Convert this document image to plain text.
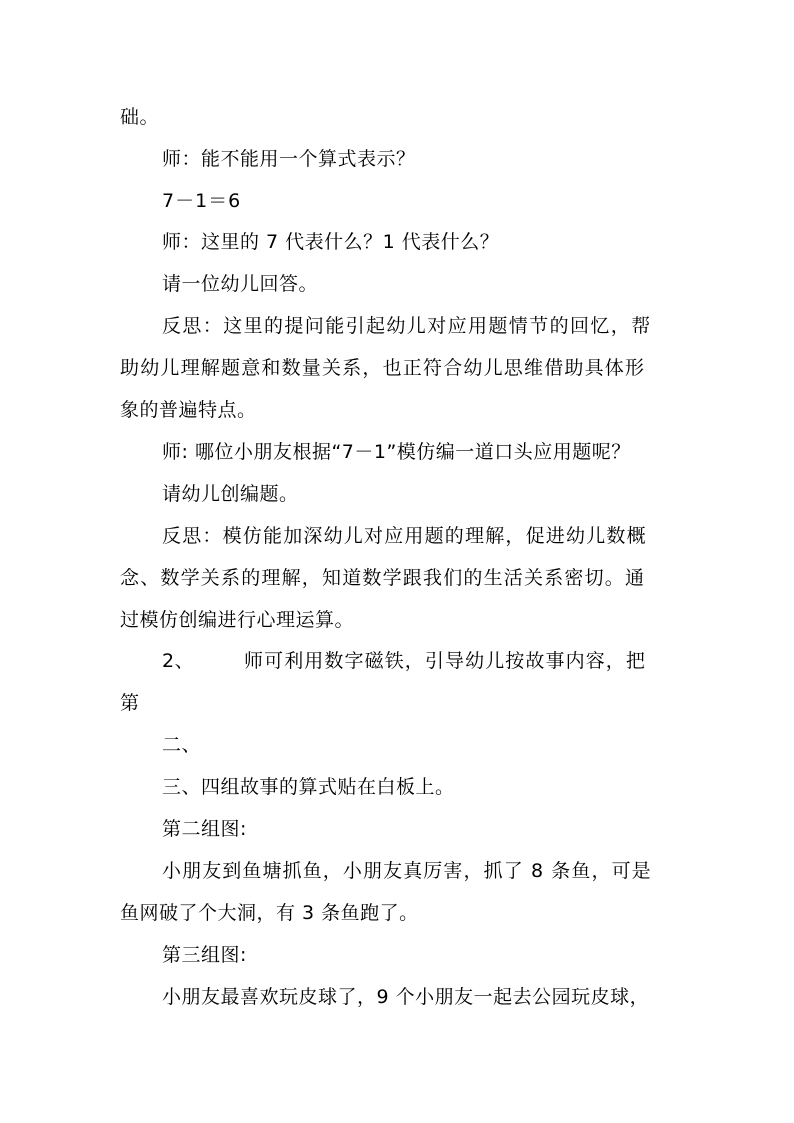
础。
师：能不能用一个算式表示？
7－1＝6
师：这里的 7 代表什么？1 代表什么？
请一位幼儿回答。
反思：这里的提问能引起幼儿对应用题情节的回忆，帮
助幼儿理解题意和数量关系，也正符合幼儿思维借助具体形
象的普遍特点。
师: 哪位小朋友根据“7－1”模仿编一道口头应用题呢？
请幼儿创编题。
反思：模仿能加深幼儿对应用题的理解，促进幼儿数概
念、数学关系的理解，知道数学跟我们的生活关系密切。通
过模仿创编进行心理运算。
2、	师可利用数字磁铁，引导幼儿按故事内容，把
第
二、
三、四组故事的算式贴在白板上。
第二组图:
小朋友到鱼塘抓鱼，小朋友真厉害，抓了 8 条鱼，可是
鱼网破了个大洞，有 3 条鱼跑了。
第三组图:
小朋友最喜欢玩皮球了，9 个小朋友一起去公园玩皮球，
